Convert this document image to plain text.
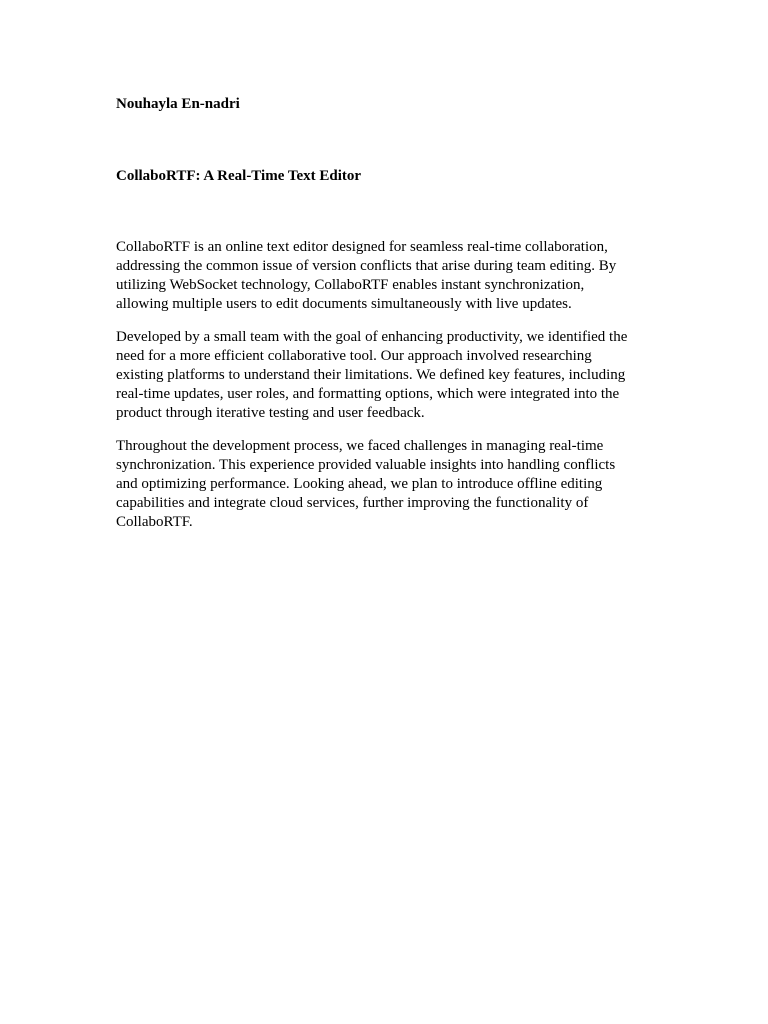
Nouhayla En-nadri

CollaboRTF: A Real-Time Text Editor

CollaboRTF is an online text editor designed for seamless real-time collaboration,
addressing the common issue of version conflicts that arise during team editing. By
utilizing WebSocket technology, CollaboRTF enables instant synchronization,
allowing multiple users to edit documents simultaneously with live updates.

Developed by a small team with the goal of enhancing productivity, we identified the
need for a more efficient collaborative tool. Our approach involved researching
existing platforms to understand their limitations. We defined key features, including
real-time updates, user roles, and formatting options, which were integrated into the
product through iterative testing and user feedback.

Throughout the development process, we faced challenges in managing real-time
synchronization. This experience provided valuable insights into handling conflicts
and optimizing performance. Looking ahead, we plan to introduce offline editing
capabilities and integrate cloud services, further improving the functionality of
CollaboRTF.
